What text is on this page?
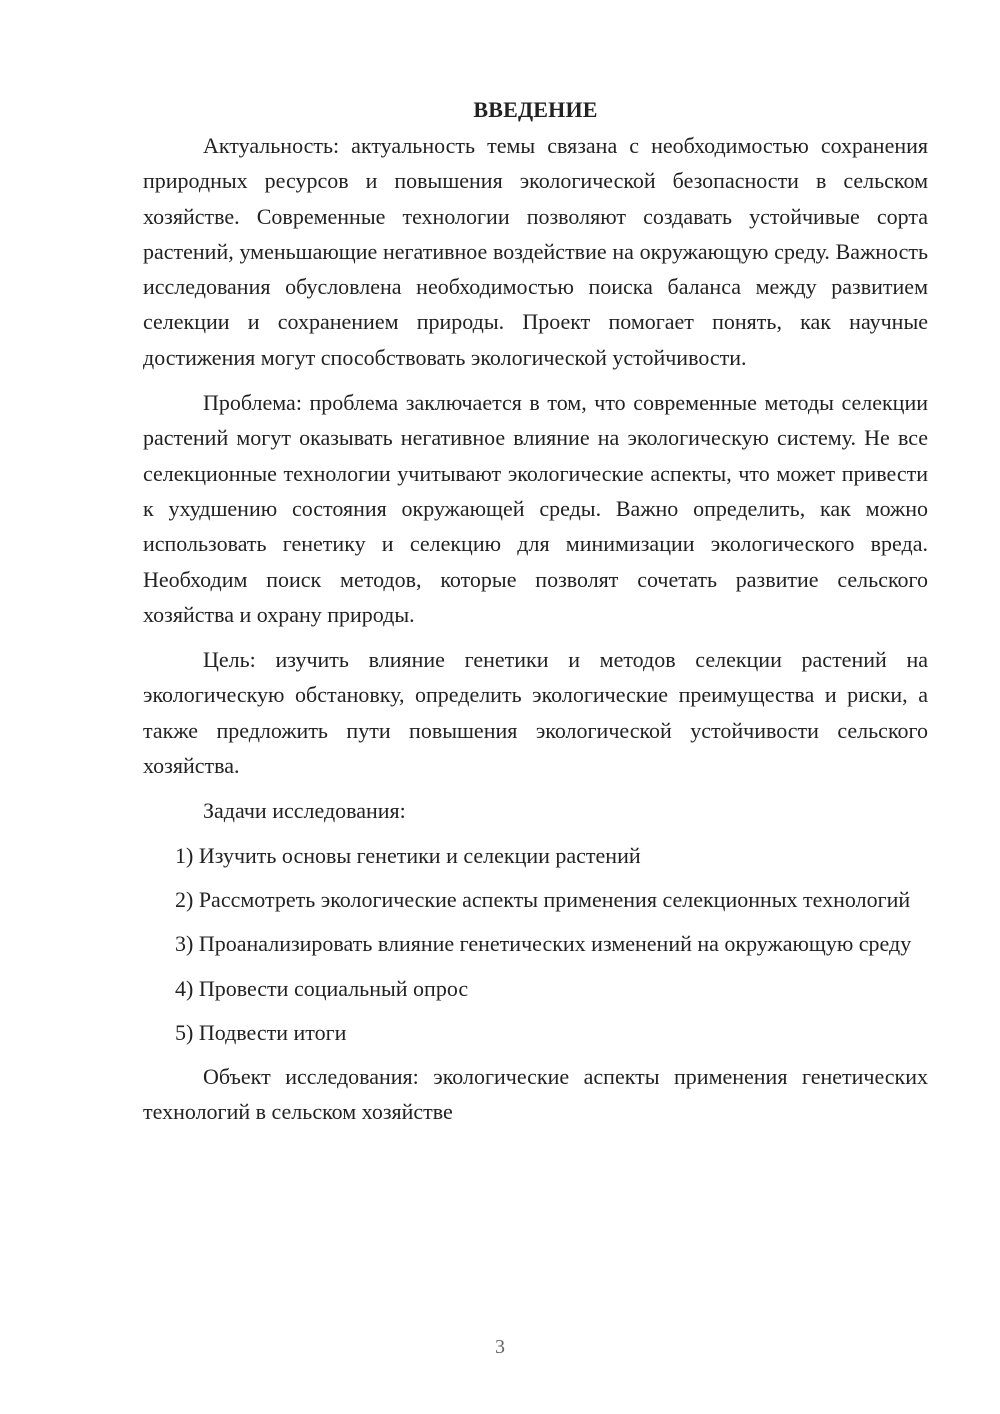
ВВЕДЕНИЕ

Актуальность: актуальность темы связана с необходимостью сохранения природных ресурсов и повышения экологической безопасности в сельском хозяйстве. Современные технологии позволяют создавать устойчивые сорта растений, уменьшающие негативное воздействие на окружающую среду. Важность исследования обусловлена необходимостью поиска баланса между развитием селекции и сохранением природы. Проект помогает понять, как научные достижения могут способствовать экологической устойчивости.

Проблема: проблема заключается в том, что современные методы селекции растений могут оказывать негативное влияние на экологическую систему. Не все селекционные технологии учитывают экологические аспекты, что может привести к ухудшению состояния окружающей среды. Важно определить, как можно использовать генетику и селекцию для минимизации экологического вреда. Необходим поиск методов, которые позволят сочетать развитие сельского хозяйства и охрану природы.

Цель: изучить влияние генетики и методов селекции растений на экологическую обстановку, определить экологические преимущества и риски, а также предложить пути повышения экологической устойчивости сельского хозяйства.

Задачи исследования:

1) Изучить основы генетики и селекции растений

2) Рассмотреть экологические аспекты применения селекционных технологий

3) Проанализировать влияние генетических изменений на окружающую среду

4) Провести социальный опрос

5) Подвести итоги

Объект исследования: экологические аспекты применения генетических технологий в сельском хозяйстве

3
